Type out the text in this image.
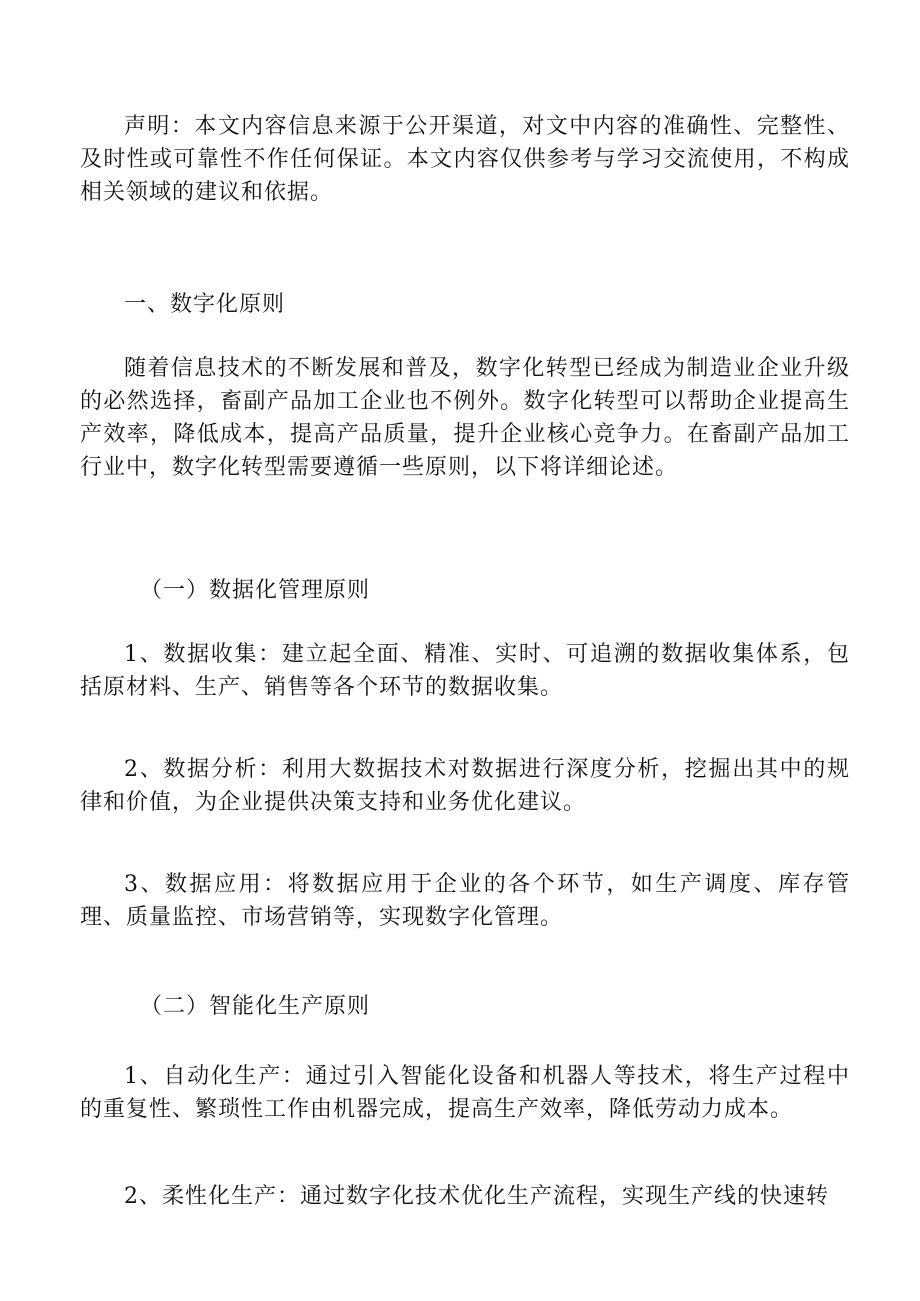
声明：本文内容信息来源于公开渠道，对文中内容的准确性、完整性、及时性或可靠性不作任何保证。本文内容仅供参考与学习交流使用，不构成相关领域的建议和依据。

一、数字化原则

随着信息技术的不断发展和普及，数字化转型已经成为制造业企业升级的必然选择，畜副产品加工企业也不例外。数字化转型可以帮助企业提高生产效率，降低成本，提高产品质量，提升企业核心竞争力。在畜副产品加工行业中，数字化转型需要遵循一些原则，以下将详细论述。

（一）数据化管理原则

1、数据收集：建立起全面、精准、实时、可追溯的数据收集体系，包括原材料、生产、销售等各个环节的数据收集。

2、数据分析：利用大数据技术对数据进行深度分析，挖掘出其中的规律和价值，为企业提供决策支持和业务优化建议。

3、数据应用：将数据应用于企业的各个环节，如生产调度、库存管理、质量监控、市场营销等，实现数字化管理。

（二）智能化生产原则

1、自动化生产：通过引入智能化设备和机器人等技术，将生产过程中的重复性、繁琐性工作由机器完成，提高生产效率，降低劳动力成本。

2、柔性化生产：通过数字化技术优化生产流程，实现生产线的快速转
